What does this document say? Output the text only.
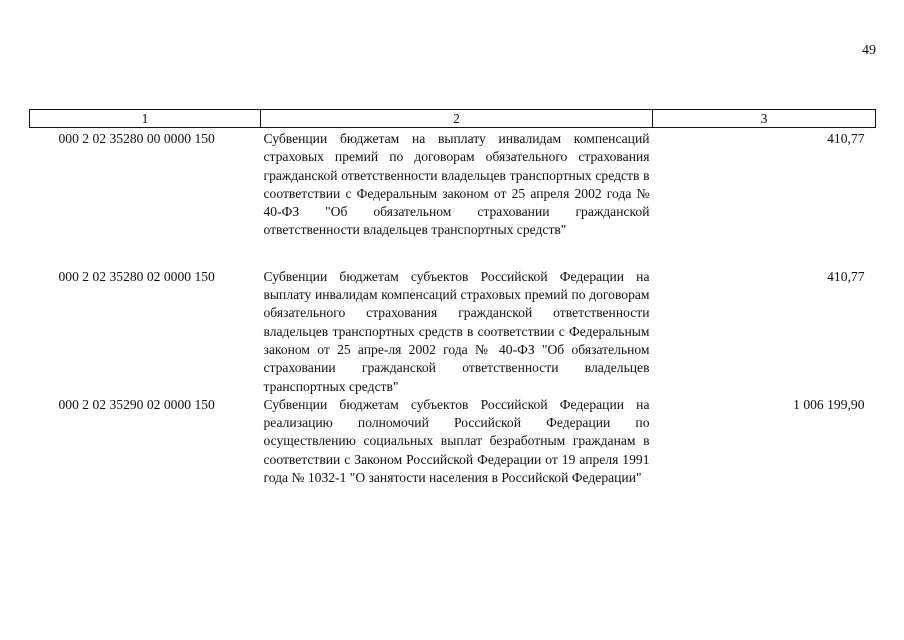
49
1	2	3
000 2 02 35280 00 0000 150	Субвенции бюджетам на выплату инвалидам компенсаций страховых премий по договорам обязательного страхования гражданской ответственности владельцев транспортных средств в соответствии с Федеральным законом от 25 апреля 2002 года № 40-ФЗ "Об обязательном страховании гражданской ответственности владельцев транспортных средств"	410,77
000 2 02 35280 02 0000 150	Субвенции бюджетам субъектов Российской Федерации на выплату инвалидам компенсаций страховых премий по договорам обязательного страхования гражданской ответственности владельцев транспортных средств в соответствии с Федеральным законом от 25 апре-ля 2002 года № 40-ФЗ "Об обязательном страховании гражданской ответственности владельцев транспортных средств"	410,77
000 2 02 35290 02 0000 150	Субвенции бюджетам субъектов Российской Федерации на реализацию полномочий Российской Федерации по осуществлению социальных выплат безработным гражданам в соответствии с Законом Российской Федерации от 19 апреля 1991 года № 1032-1 "О занятости населения в Российской Федерации"	1 006 199,90
